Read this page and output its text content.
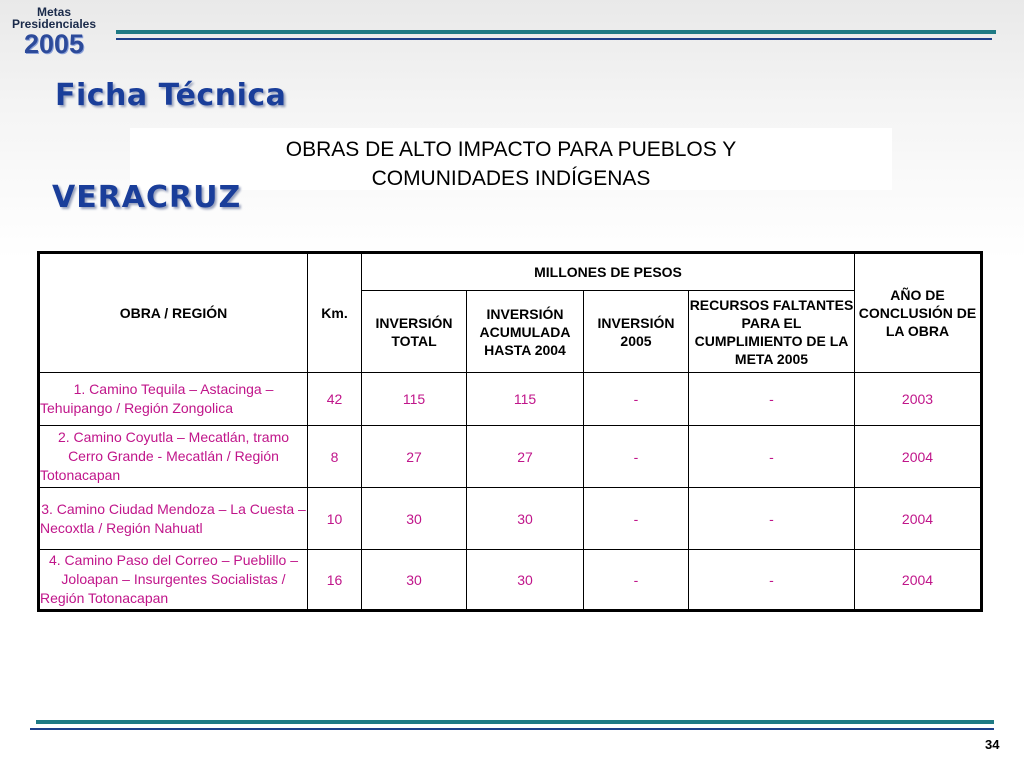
Metas
Presidenciales
2005
Ficha Técnica
OBRAS DE ALTO IMPACTO PARA PUEBLOS Y
COMUNIDADES INDÍGENAS
VERACRUZ
OBRA / REGIÓN	Km.	MILLONES DE PESOS				AÑO DE CONCLUSIÓN DE LA OBRA
		INVERSIÓN TOTAL	INVERSIÓN ACUMULADA HASTA 2004	INVERSIÓN 2005	RECURSOS FALTANTES PARA EL CUMPLIMIENTO DE LA META 2005	
1. Camino Tequila – Astacinga – Tehuipango / Región Zongolica	42	115	115	-	-	2003
2. Camino Coyutla – Mecatlán, tramo Cerro Grande - Mecatlán / Región Totonacapan	8	27	27	-	-	2004
3. Camino Ciudad Mendoza – La Cuesta – Necoxtla / Región Nahuatl	10	30	30	-	-	2004
4. Camino Paso del Correo – Pueblillo – Joloapan – Insurgentes Socialistas / Región Totonacapan	16	30	30	-	-	2004
34
